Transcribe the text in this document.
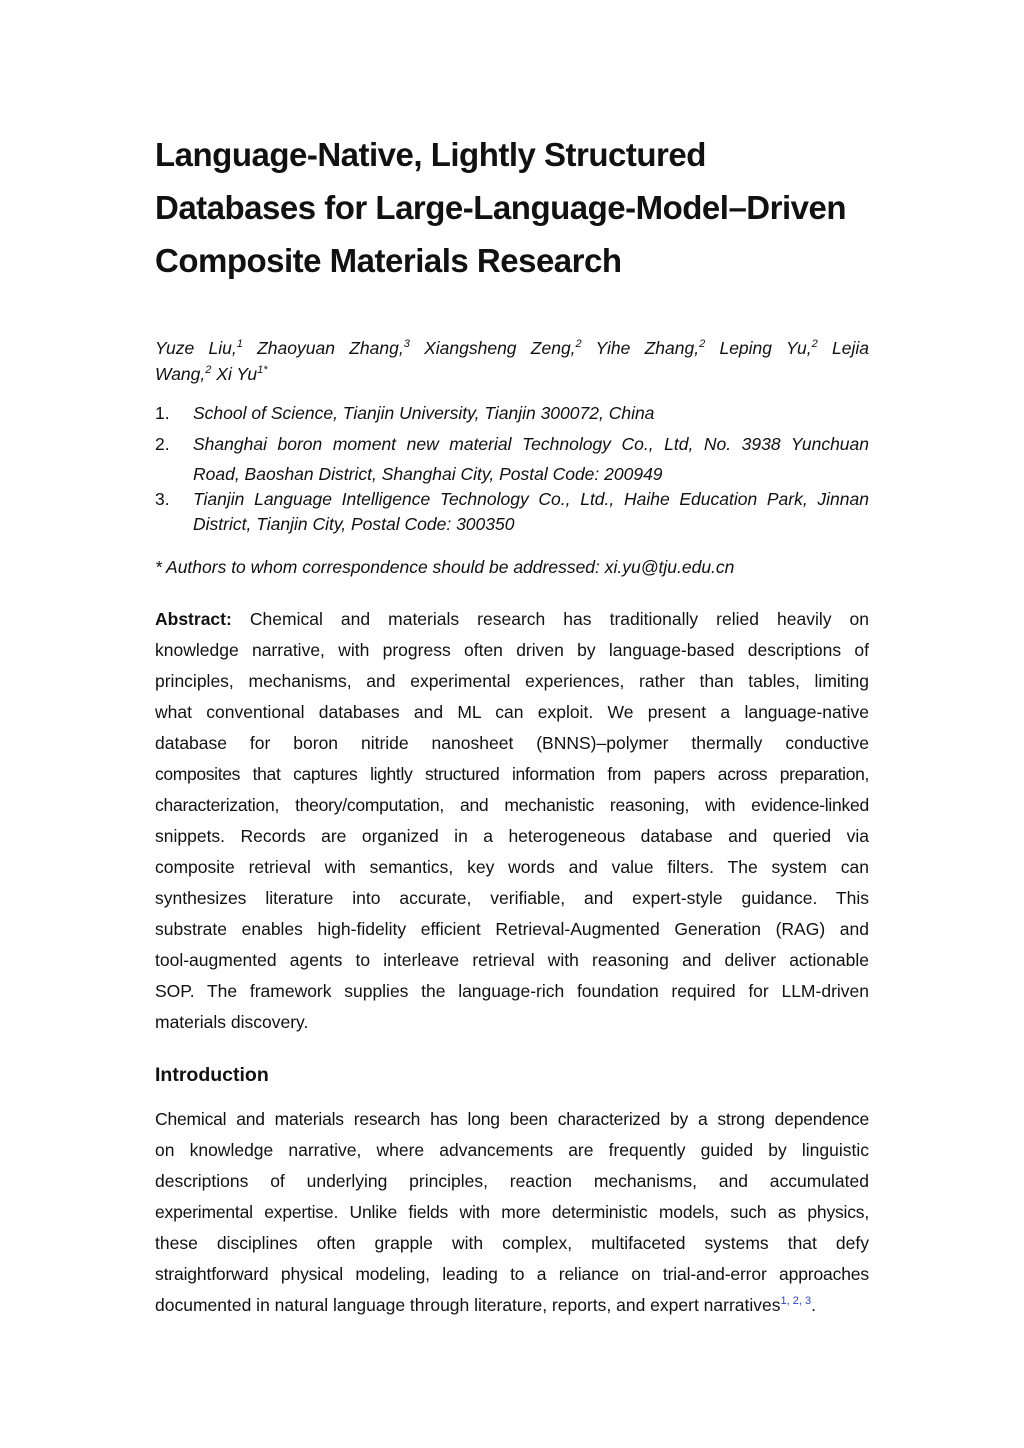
Language-Native, Lightly Structured
Databases for Large-Language-Model–Driven
Composite Materials Research
Yuze Liu,$^1$ Zhaoyuan Zhang,$^3$ Xiangsheng Zeng,$^2$ Yihe Zhang,$^2$ Leping Yu,$^2$ Lejia
Wang,$^2$ Xi $Yu^{1*}$
1. School of Science, Tianjin University, Tianjin 300072, China
2. Shanghai boron moment new material Technology Co., Ltd, No. 3938 Yunchuan
Road, Baoshan District, Shanghai City, Postal Code: 200949
3. Tianjin Language Intelligence Technology Co., Ltd., Haihe Education Park, Jinnan
District, Tianjin City, Postal Code: 300350
* Authors to whom correspondence should be addressed: xi.yu@tju.edu.cn
Abstract: Chemical and materials research has traditionally relied heavily on
knowledge narrative, with progress often driven by language-based descriptions of
principles, mechanisms, and experimental experiences, rather than tables, limiting
what conventional databases and ML can exploit. We present a language-native
database for boron nitride nanosheet (BNNS)–polymer thermally conductive
composites that captures lightly structured information from papers across preparation,
characterization, theory/computation, and mechanistic reasoning, with evidence-linked
snippets. Records are organized in a heterogeneous database and queried via
composite retrieval with semantics, key words and value filters. The system can
synthesizes literature into accurate, verifiable, and expert-style guidance. This
substrate enables high-fidelity efficient Retrieval-Augmented Generation (RAG) and
tool-augmented agents to interleave retrieval with reasoning and deliver actionable
SOP. The framework supplies the language-rich foundation required for LLM-driven
materials discovery.
Introduction
Chemical and materials research has long been characterized by a strong dependence
on knowledge narrative, where advancements are frequently guided by linguistic
descriptions of underlying principles, reaction mechanisms, and accumulated
experimental expertise. Unlike fields with more deterministic models, such as physics,
these disciplines often grapple with complex, multifaceted systems that defy
straightforward physical modeling, leading to a reliance on trial-and-error approaches
documented in natural language through literature, reports, and expert narratives$^{1, 2, 3}$.
